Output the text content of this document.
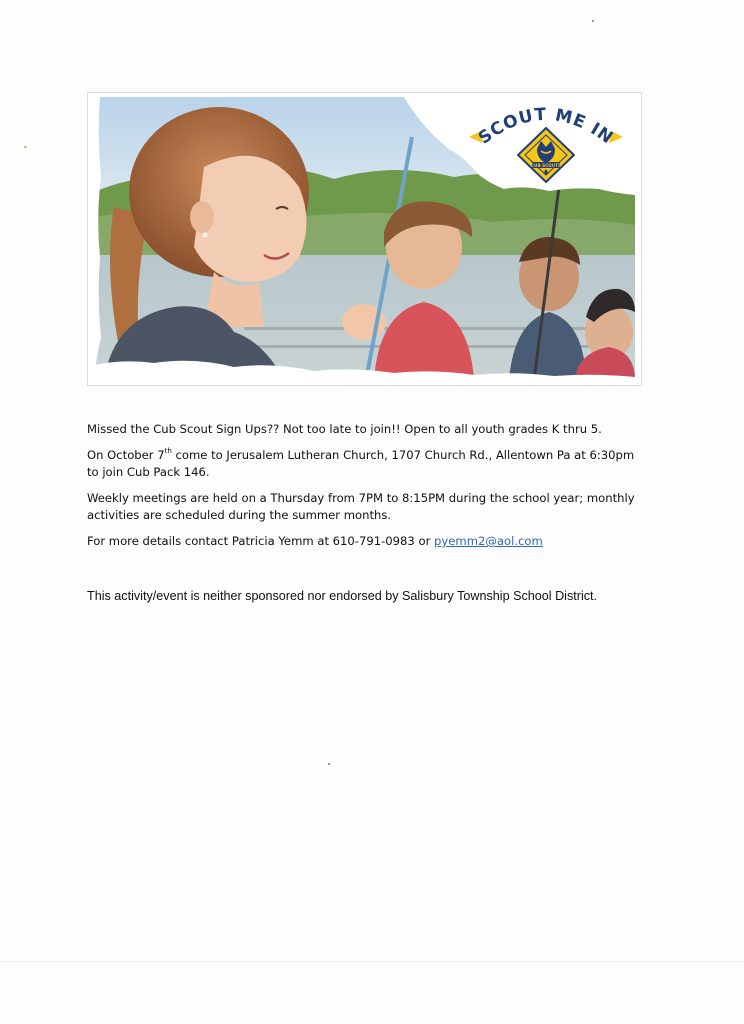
SCOUT ME IN
CUB SCOUTS

Missed the Cub Scout Sign Ups?? Not too late to join!! Open to all youth grades K thru 5.

On October 7th come to Jerusalem Lutheran Church, 1707 Church Rd., Allentown Pa at 6:30pm to join Cub Pack 146.

Weekly meetings are held on a Thursday from 7PM to 8:15PM during the school year; monthly activities are scheduled during the summer months.

For more details contact Patricia Yemm at 610-791-0983 or pyemm2@aol.com

This activity/event is neither sponsored nor endorsed by Salisbury Township School District.
